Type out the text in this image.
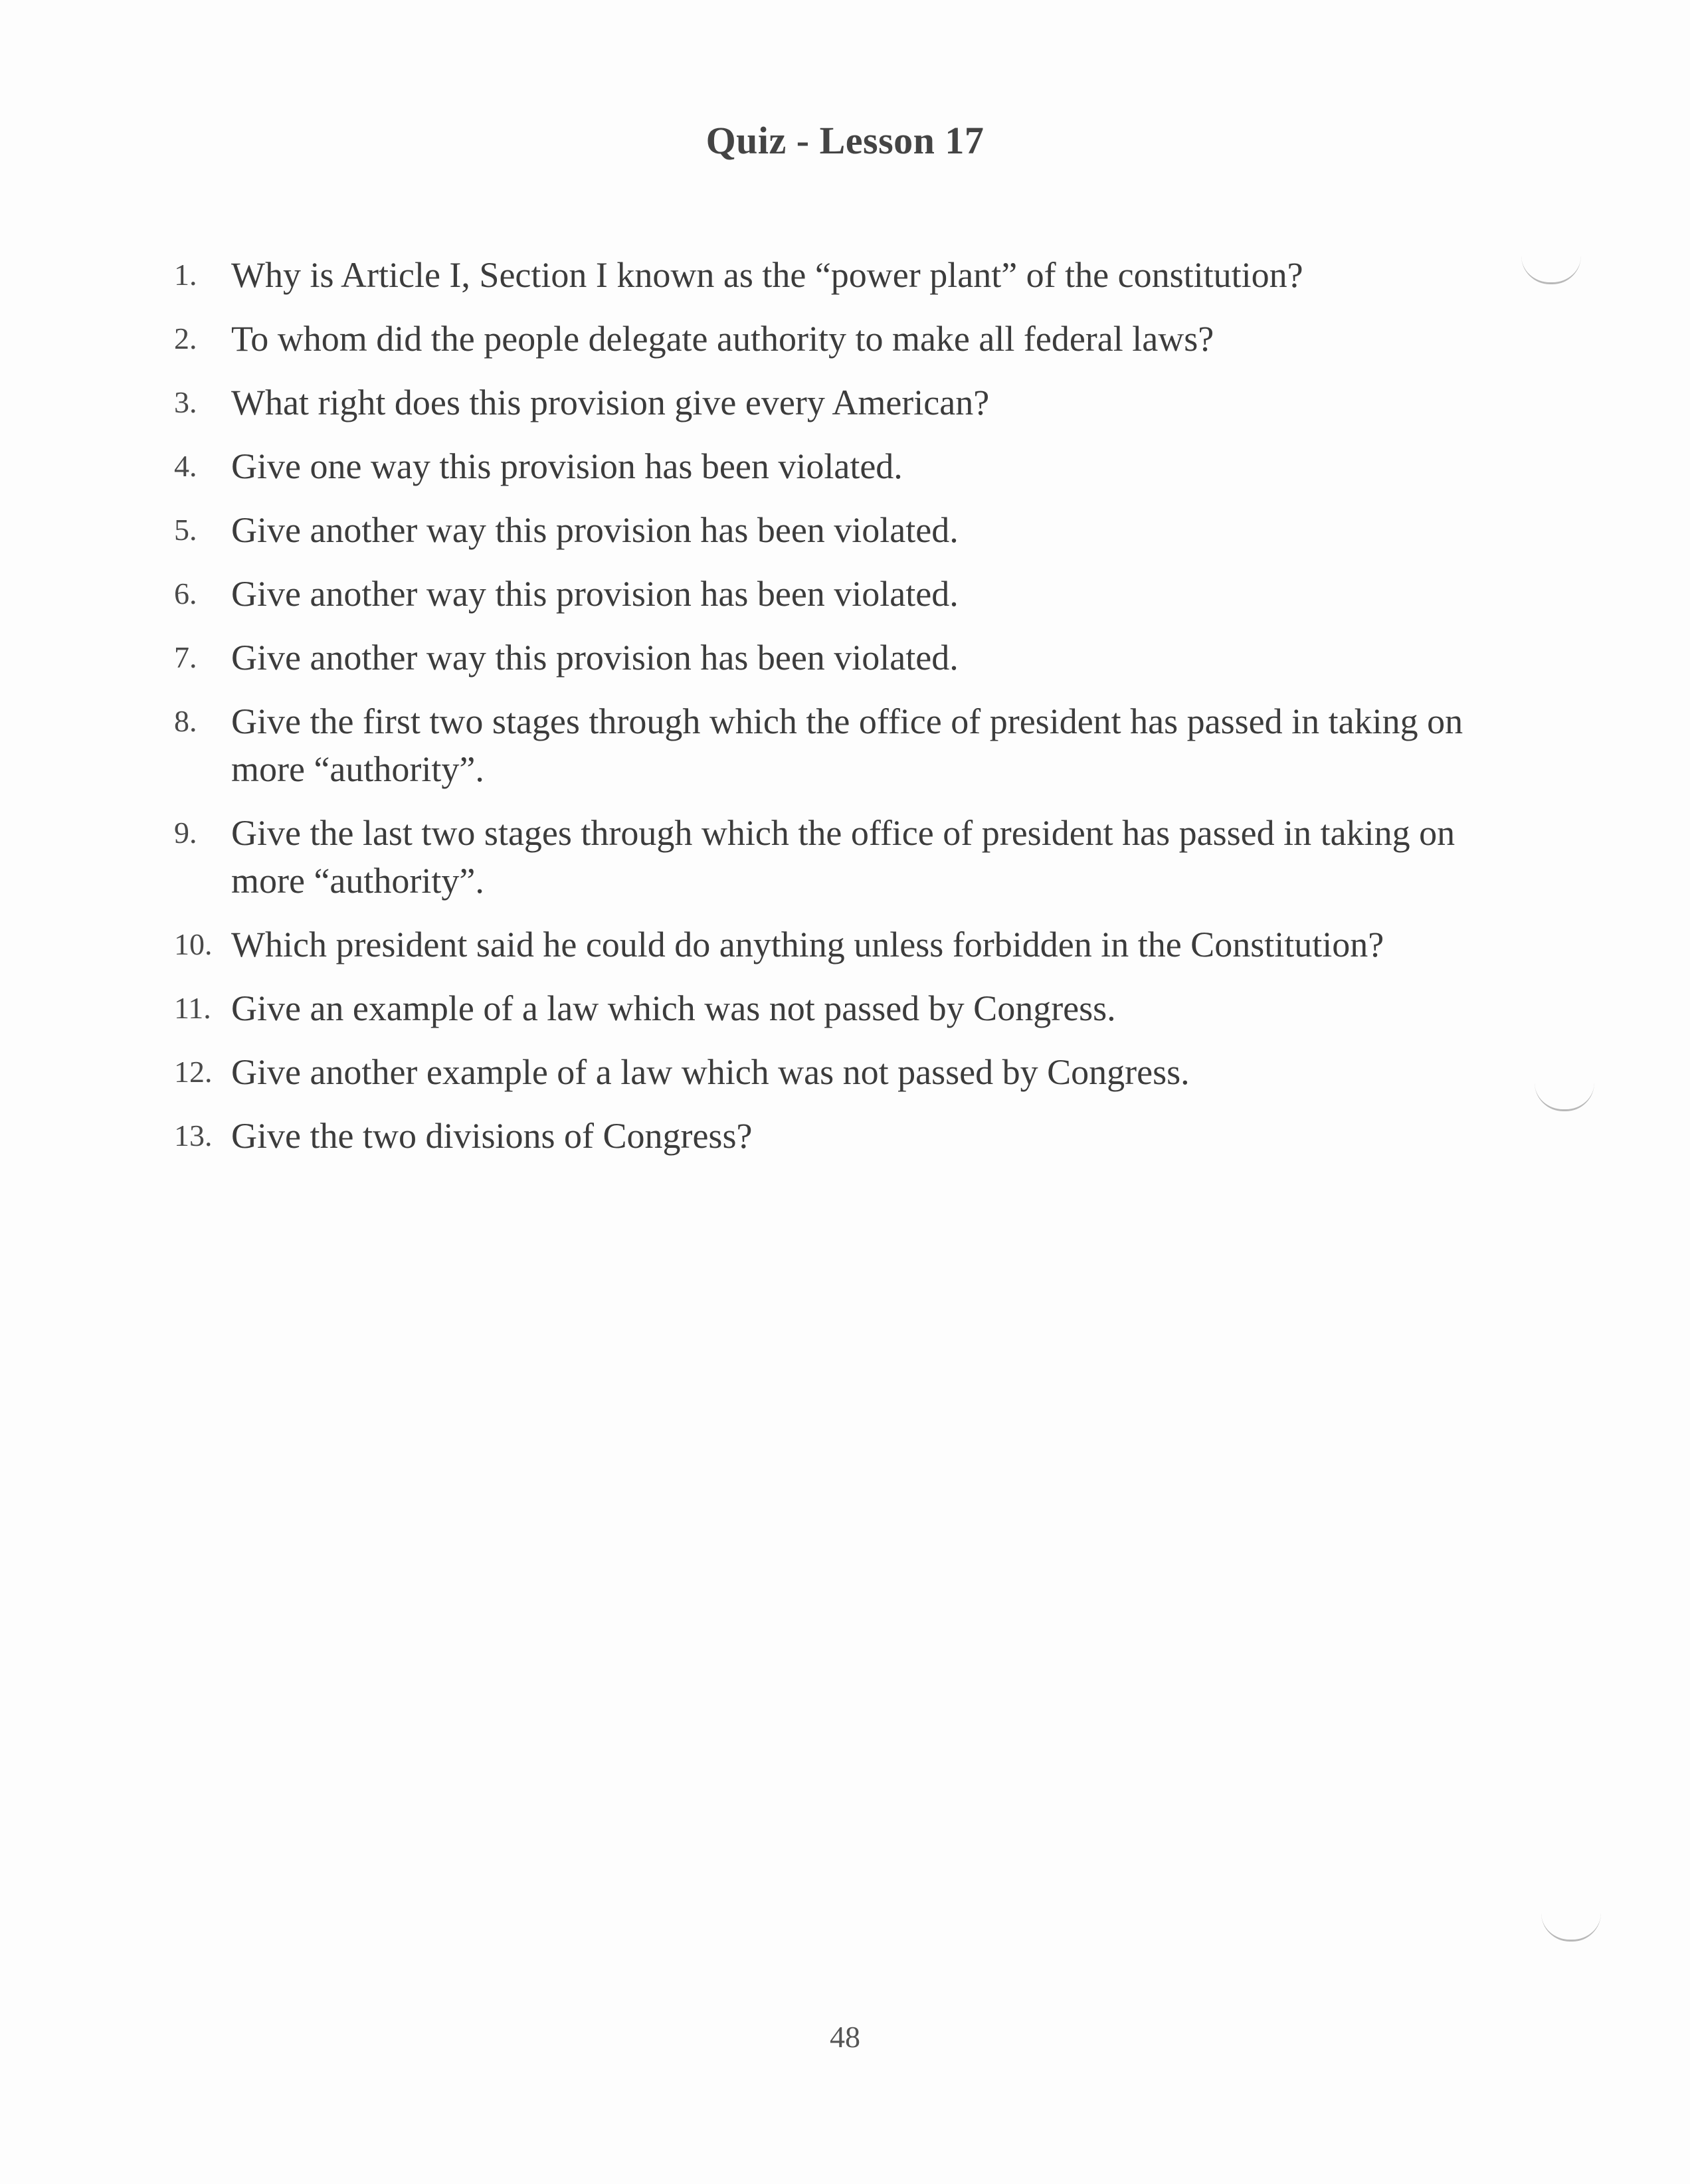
Quiz - Lesson 17
1. Why is Article I, Section I known as the “power plant” of the constitution?
2. To whom did the people delegate authority to make all federal laws?
3. What right does this provision give every American?
4. Give one way this provision has been violated.
5. Give another way this provision has been violated.
6. Give another way this provision has been violated.
7. Give another way this provision has been violated.
8. Give the first two stages through which the office of president has passed in taking on more “authority”.
9. Give the last two stages through which the office of president has passed in taking on more “authority”.
10. Which president said he could do anything unless forbidden in the Constitution?
11. Give an example of a law which was not passed by Congress.
12. Give another example of a law which was not passed by Congress.
13. Give the two divisions of Congress?
48
